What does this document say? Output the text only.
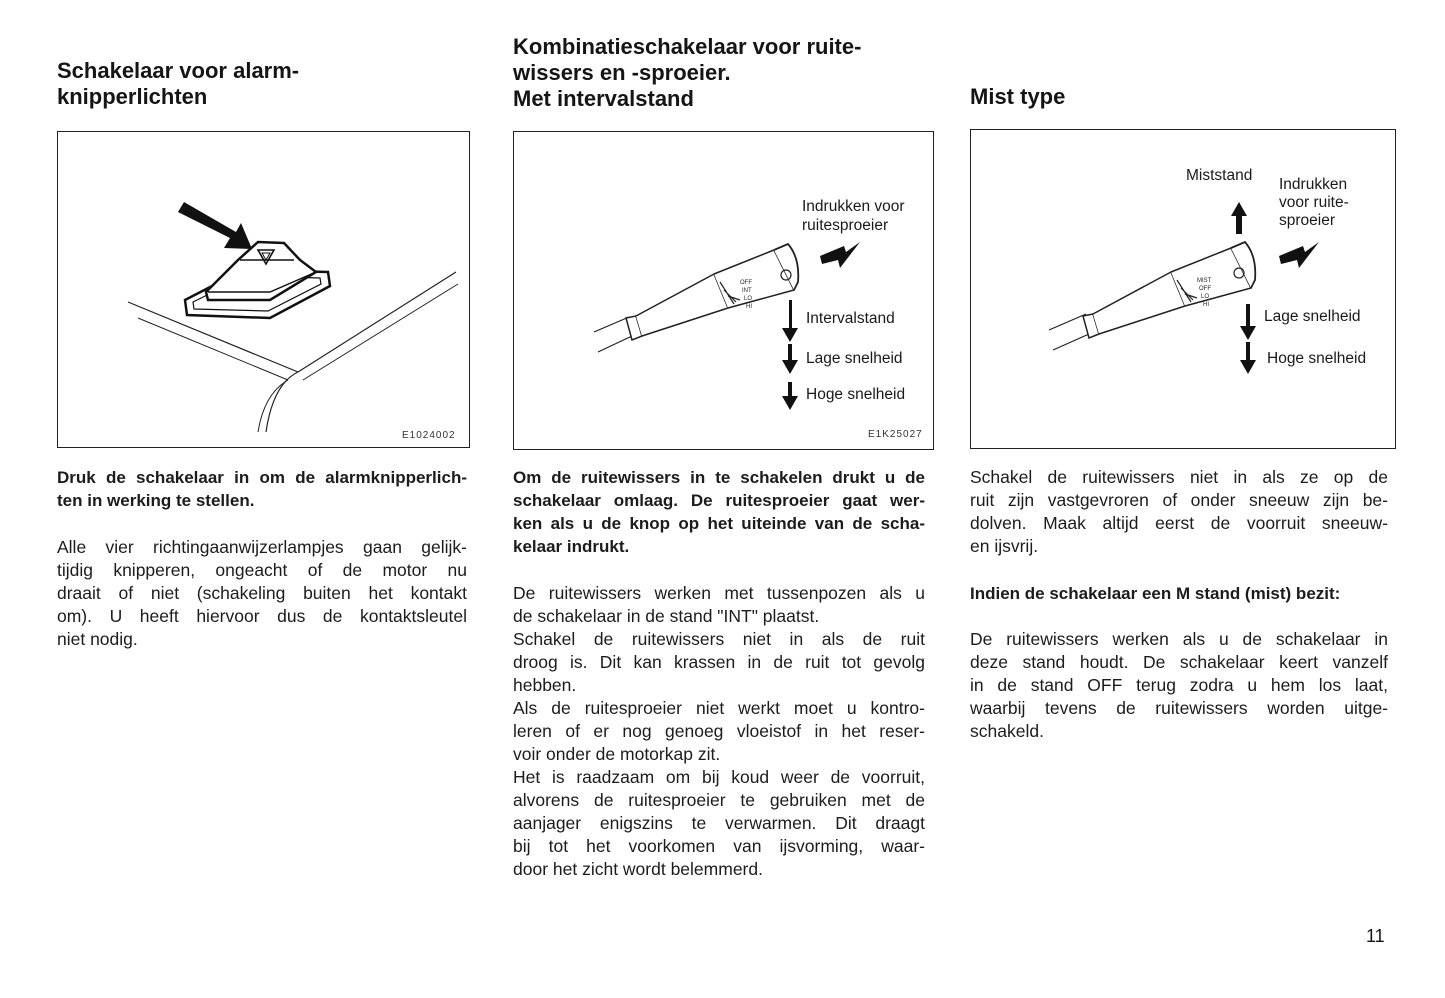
Schakelaar voor alarm-
knipperlichten
E1024002
Druk de schakelaar in om de alarmknipperlich-
ten in werking te stellen.
Alle vier richtingaanwijzerlampjes gaan gelijk-
tijdig knipperen, ongeacht of de motor nu
draait of niet (schakeling buiten het kontakt
om). U heeft hiervoor dus de kontaktsleutel
niet nodig.
Kombinatieschakelaar voor ruite-
wissers en -sproeier.
Met intervalstand
OFF
INT
LO
HI
Indrukken voor
ruitesproeier
Intervalstand
Lage snelheid
Hoge snelheid
E1K25027
Om de ruitewissers in te schakelen drukt u de
schakelaar omlaag. De ruitesproeier gaat wer-
ken als u de knop op het uiteinde van de scha-
kelaar indrukt.
De ruitewissers werken met tussenpozen als u
de schakelaar in de stand "INT" plaatst.
Schakel de ruitewissers niet in als de ruit
droog is. Dit kan krassen in de ruit tot gevolg
hebben.
Als de ruitesproeier niet werkt moet u kontro-
leren of er nog genoeg vloeistof in het reser-
voir onder de motorkap zit.
Het is raadzaam om bij koud weer de voorruit,
alvorens de ruitesproeier te gebruiken met de
aanjager enigszins te verwarmen. Dit draagt
bij tot het voorkomen van ijsvorming, waar-
door het zicht wordt belemmerd.
Mist type
MIST
OFF
LO
HI
Miststand
Indrukken
voor ruite-
sproeier
Lage snelheid
Hoge snelheid
Schakel de ruitewissers niet in als ze op de
ruit zijn vastgevroren of onder sneeuw zijn be-
dolven. Maak altijd eerst de voorruit sneeuw-
en ijsvrij.
Indien de schakelaar een M stand (mist) bezit:
De ruitewissers werken als u de schakelaar in
deze stand houdt. De schakelaar keert vanzelf
in de stand OFF terug zodra u hem los laat,
waarbij tevens de ruitewissers worden uitge-
schakeld.
11
